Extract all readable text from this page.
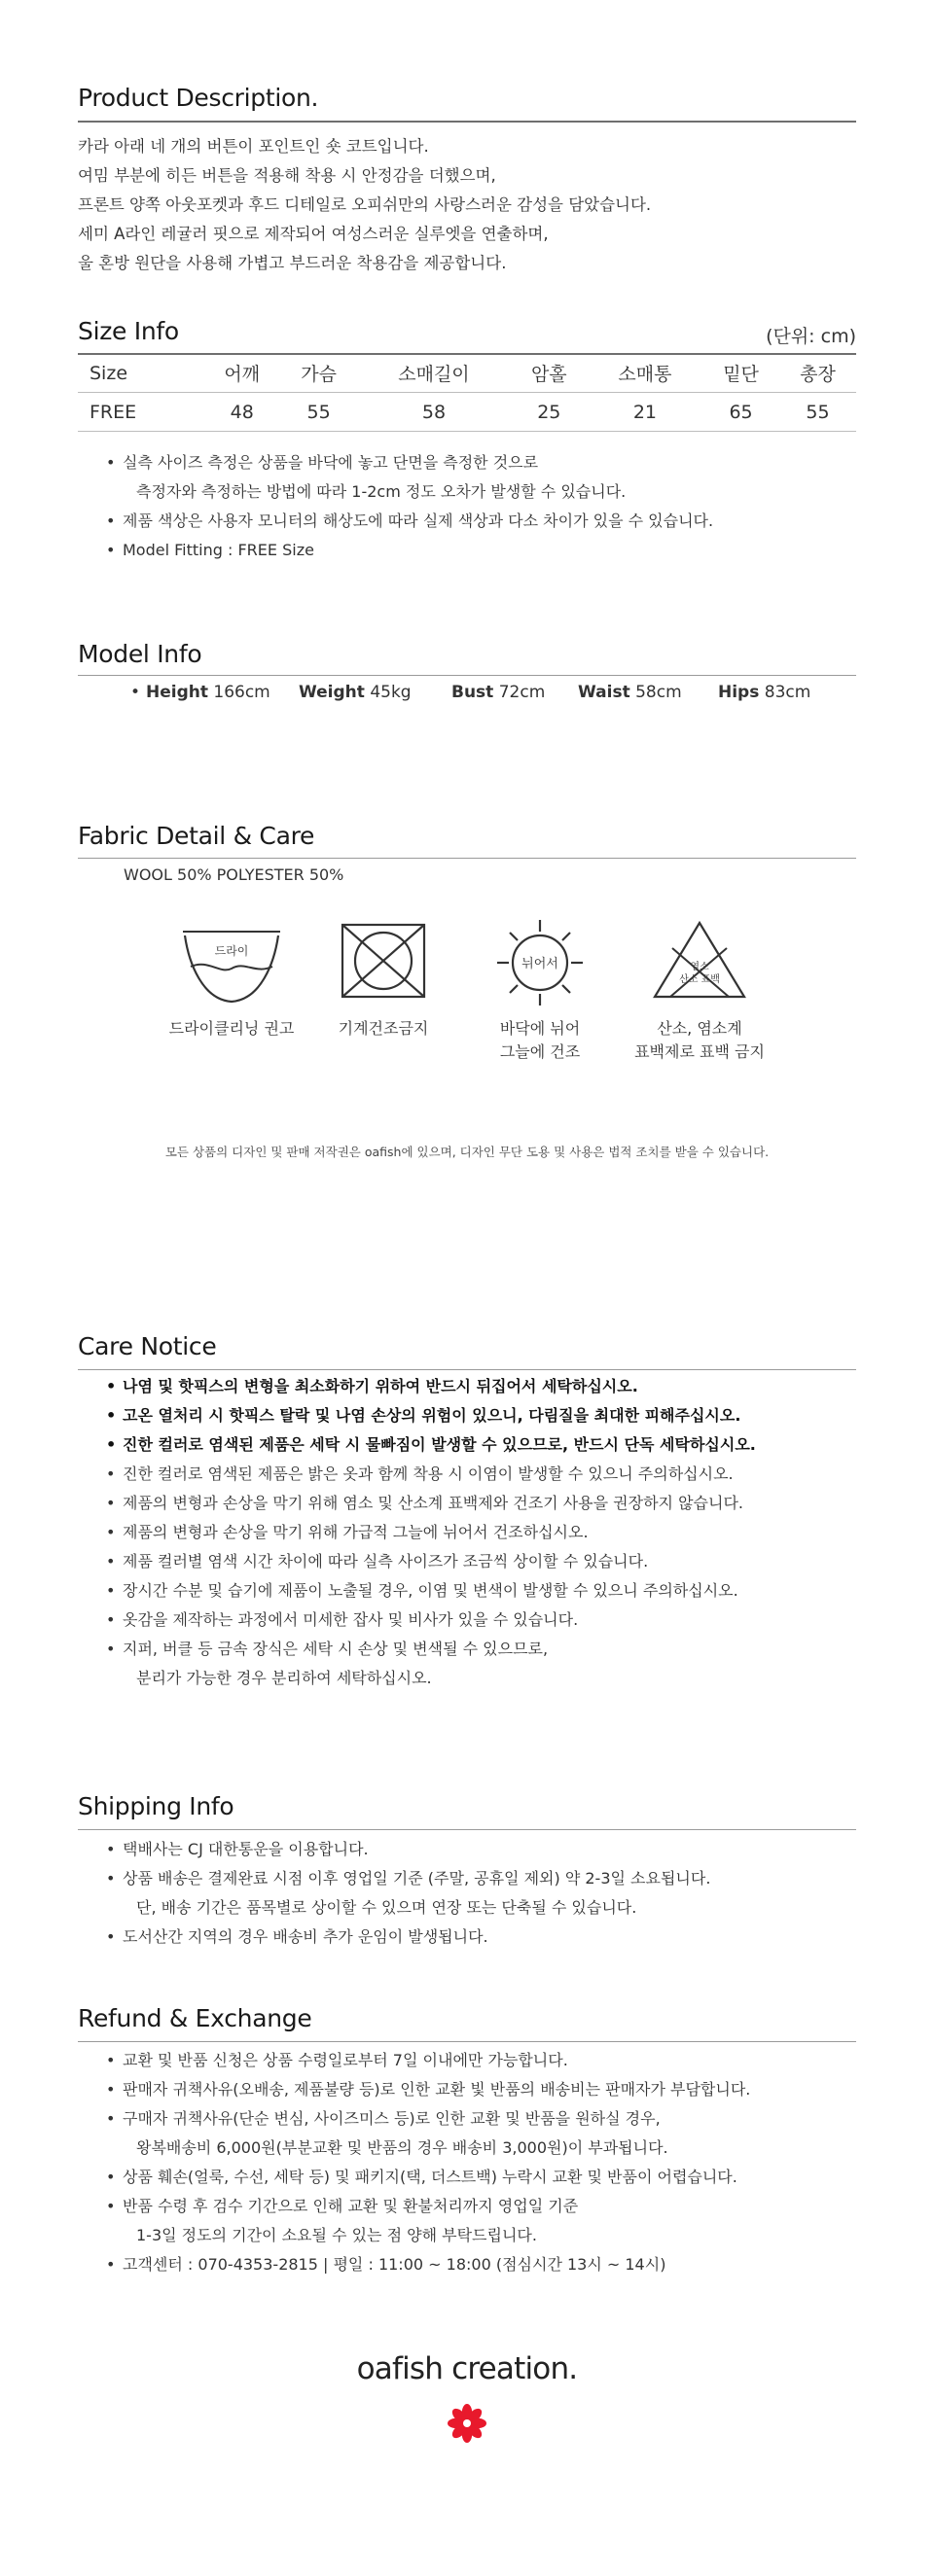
Product Description.
카라 아래 네 개의 버튼이 포인트인 숏 코트입니다.
여밈 부분에 히든 버튼을 적용해 착용 시 안정감을 더했으며,
프론트 양쪽 아웃포켓과 후드 디테일로 오피쉬만의 사랑스러운 감성을 담았습니다.
세미 A라인 레귤러 핏으로 제작되어 여성스러운 실루엣을 연출하며,
울 혼방 원단을 사용해 가볍고 부드러운 착용감을 제공합니다.
Size Info	(단위: cm)
Size	어깨	가슴	소매길이	암홀	소매통	밑단	총장
FREE	48	55	58	25	21	65	55
• 실측 사이즈 측정은 상품을 바닥에 놓고 단면을 측정한 것으로
측정자와 측정하는 방법에 따라 1-2cm 정도 오차가 발생할 수 있습니다.
• 제품 색상은 사용자 모니터의 해상도에 따라 실제 색상과 다소 차이가 있을 수 있습니다.
• Model Fitting : FREE Size
Model Info
• Height 166cm Weight 45kg Bust 72cm Waist 58cm Hips 83cm
Fabric Detail & Care
WOOL 50% POLYESTER 50%
드라이
드라이클리닝 권고	기계건조금지
뉘어서
바닥에 뉘어
그늘에 건조
염소
산소 표백
산소, 염소계
표백제로 표백 금지
모든 상품의 디자인 및 판매 저작권은 oafish에 있으며, 디자인 무단 도용 및 사용은 법적 조치를 받을 수 있습니다.
Care Notice
• 나염 및 핫픽스의 변형을 최소화하기 위하여 반드시 뒤집어서 세탁하십시오.
• 고온 열처리 시 핫픽스 탈락 및 나염 손상의 위험이 있으니, 다림질을 최대한 피해주십시오.
• 진한 컬러로 염색된 제품은 세탁 시 물빠짐이 발생할 수 있으므로, 반드시 단독 세탁하십시오.
• 진한 컬러로 염색된 제품은 밝은 옷과 함께 착용 시 이염이 발생할 수 있으니 주의하십시오.
• 제품의 변형과 손상을 막기 위해 염소 및 산소계 표백제와 건조기 사용을 권장하지 않습니다.
• 제품의 변형과 손상을 막기 위해 가급적 그늘에 뉘어서 건조하십시오.
• 제품 컬러별 염색 시간 차이에 따라 실측 사이즈가 조금씩 상이할 수 있습니다.
• 장시간 수분 및 습기에 제품이 노출될 경우, 이염 및 변색이 발생할 수 있으니 주의하십시오.
• 옷감을 제작하는 과정에서 미세한 잡사 및 비사가 있을 수 있습니다.
• 지퍼, 버클 등 금속 장식은 세탁 시 손상 및 변색될 수 있으므로,
분리가 가능한 경우 분리하여 세탁하십시오.
Shipping Info
• 택배사는 CJ 대한통운을 이용합니다.
• 상품 배송은 결제완료 시점 이후 영업일 기준 (주말, 공휴일 제외) 약 2-3일 소요됩니다.
단, 배송 기간은 품목별로 상이할 수 있으며 연장 또는 단축될 수 있습니다.
• 도서산간 지역의 경우 배송비 추가 운임이 발생됩니다.
Refund & Exchange
• 교환 및 반품 신청은 상품 수령일로부터 7일 이내에만 가능합니다.
• 판매자 귀책사유(오배송, 제품불량 등)로 인한 교환 빛 반품의 배송비는 판매자가 부담합니다.
• 구매자 귀책사유(단순 변심, 사이즈미스 등)로 인한 교환 및 반품을 원하실 경우,
왕복배송비 6,000원(부분교환 및 반품의 경우 배송비 3,000원)이 부과됩니다.
• 상품 훼손(얼룩, 수선, 세탁 등) 및 패키지(택, 더스트백) 누락시 교환 및 반품이 어렵습니다.
• 반품 수령 후 검수 기간으로 인해 교환 및 환불처리까지 영업일 기준
1-3일 정도의 기간이 소요될 수 있는 점 양해 부탁드립니다.
• 고객센터 : 070-4353-2815 | 평일 : 11:00 ~ 18:00 (점심시간 13시 ~ 14시)
oafish creation.
